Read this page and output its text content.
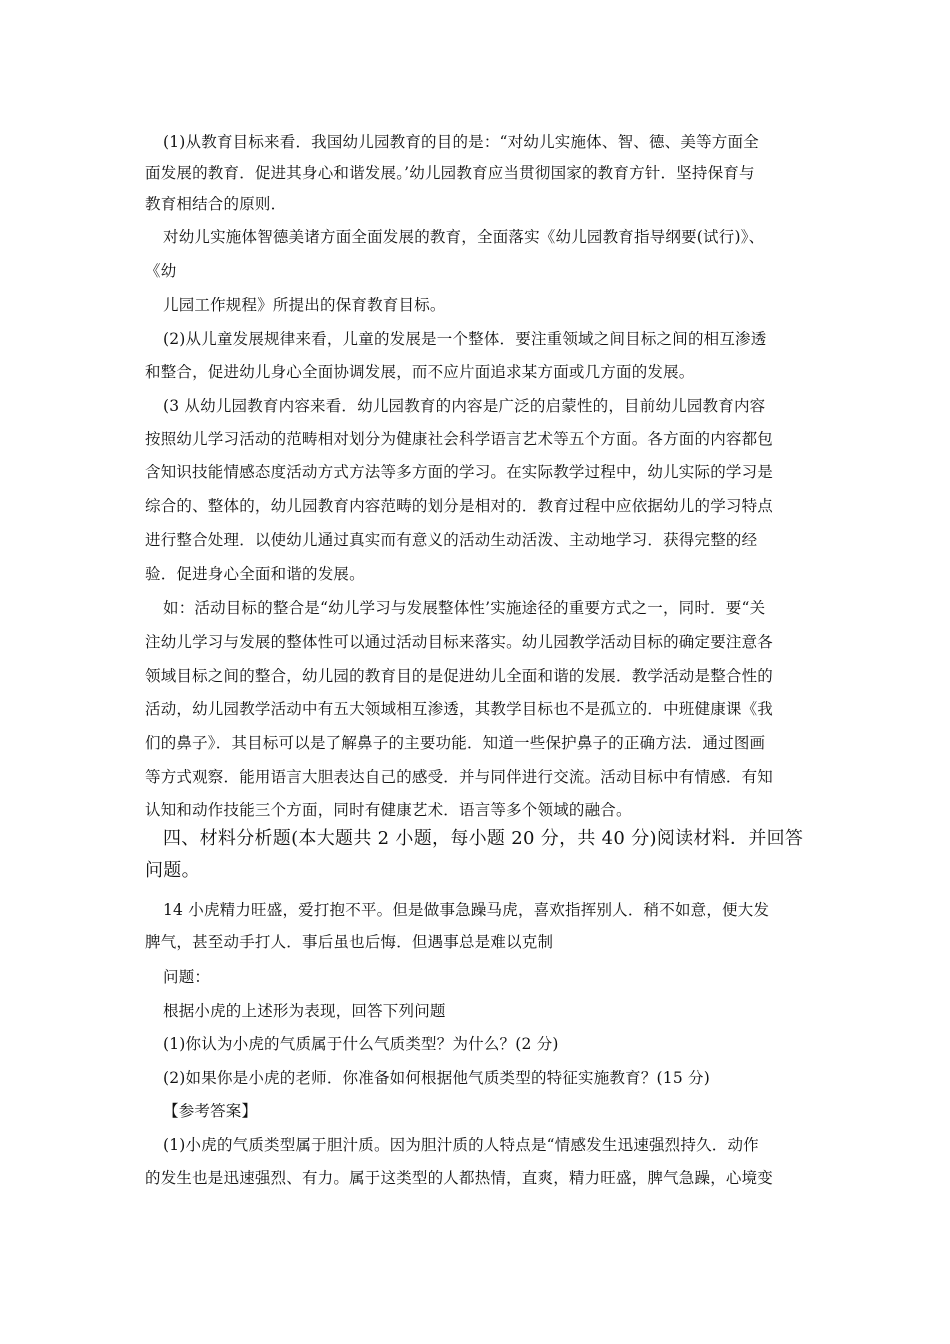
(1)从教育目标来看．我国幼儿园教育的目的是：“对幼儿实施体、智、德、美等方面全
面发展的教育．促进其身心和谐发展。’幼儿园教育应当贯彻国家的教育方针．坚持保育与
教育相结合的原则．
对幼儿实施体智德美诸方面全面发展的教育，全面落实《幼儿园教育指导纲要(试行)》、
《幼
儿园工作规程》所提出的保育教育目标。
(2)从儿童发展规律来看，儿童的发展是一个整体．要注重领域之间目标之间的相互渗透
和整合，促进幼儿身心全面协调发展，而不应片面追求某方面或几方面的发展。
(3 从幼儿园教育内容来看．幼儿园教育的内容是广泛的启蒙性的，目前幼儿园教育内容
按照幼儿学习活动的范畴相对划分为健康社会科学语言艺术等五个方面。各方面的内容都包
含知识技能情感态度活动方式方法等多方面的学习。在实际教学过程中，幼儿实际的学习是
综合的、整体的，幼儿园教育内容范畴的划分是相对的．教育过程中应依据幼儿的学习特点
进行整合处理．以使幼儿通过真实而有意义的活动生动活泼、主动地学习．获得完整的经
验．促进身心全面和谐的发展。
如：活动目标的整合是“幼儿学习与发展整体性’实施途径的重要方式之一，同时．要“关
注幼儿学习与发展的整体性可以通过活动目标来落实。幼儿园教学活动目标的确定要注意各
领域目标之间的整合，幼儿园的教育目的是促进幼儿全面和谐的发展．教学活动是整合性的
活动，幼儿园教学活动中有五大领域相互渗透，其教学目标也不是孤立的．中班健康课《我
们的鼻子》．其目标可以是了解鼻子的主要功能．知道一些保护鼻子的正确方法．通过图画
等方式观察．能用语言大胆表达自己的感受．并与同伴进行交流。活动目标中有情感．有知
认知和动作技能三个方面，同时有健康艺术．语言等多个领域的融合。
四、材料分析题(本大题共 2 小题，每小题 20 分，共 40 分)阅读材料．并回答
问题。
14 小虎精力旺盛，爱打抱不平。但是做事急躁马虎，喜欢指挥别人．稍不如意，便大发
脾气，甚至动手打人．事后虽也后悔．但遇事总是难以克制
问题：
根据小虎的上述形为表现，回答下列问题
(1)你认为小虎的气质属于什么气质类型？为什么？(2 分)
(2)如果你是小虎的老师．你准备如何根据他气质类型的特征实施教育？(15 分)
【参考答案】
(1)小虎的气质类型属于胆汁质。因为胆汁质的人特点是“情感发生迅速强烈持久．动作
的发生也是迅速强烈、有力。属于这类型的人都热情，直爽，精力旺盛，脾气急躁，心境变
